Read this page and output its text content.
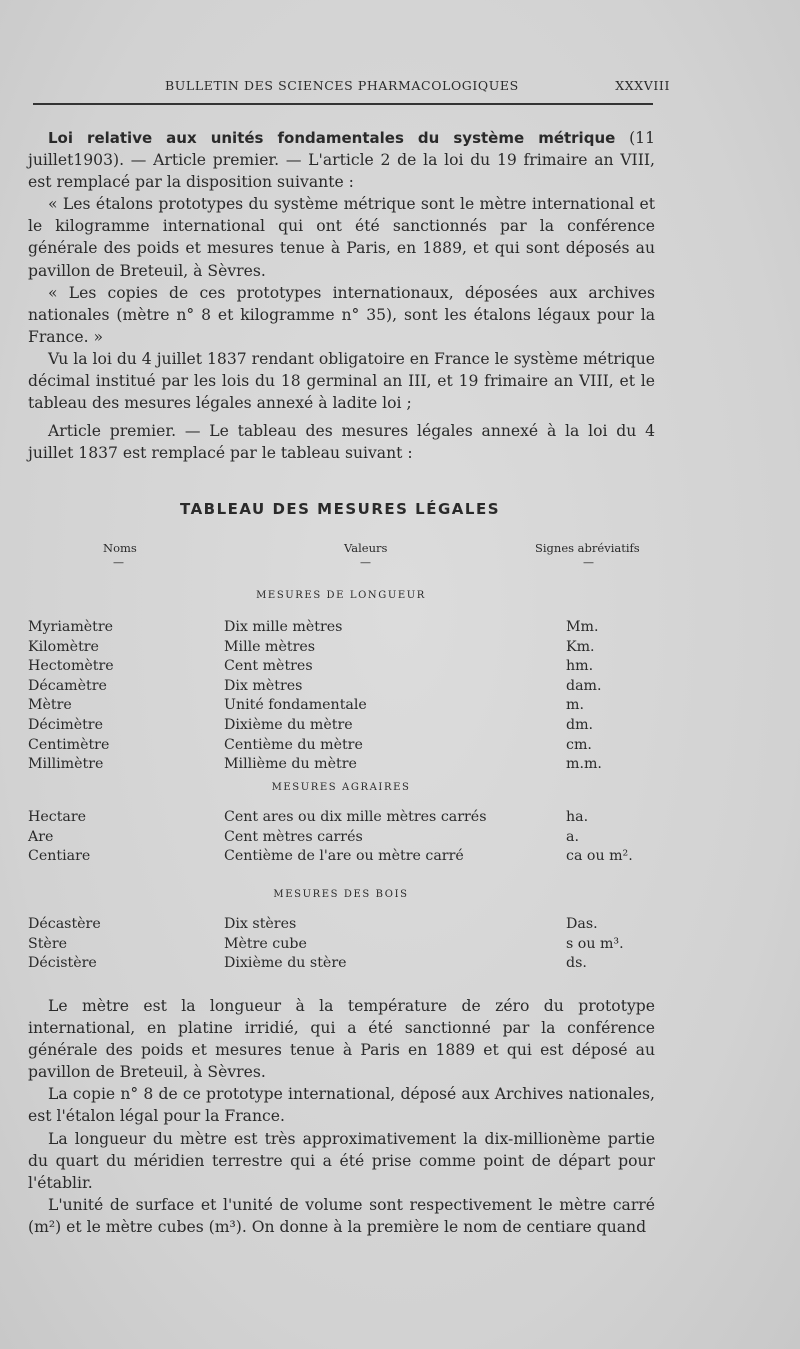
BULLETIN DES SCIENCES PHARMACOLOGIQUES	XXXVIII

Loi relative aux unités fondamentales du système métrique (11 juillet1903). — Article premier. — L'article 2 de la loi du 19 frimaire an VIII, est remplacé par la disposition suivante :

« Les étalons prototypes du système métrique sont le mètre international et le kilogramme international qui ont été sanctionnés par la conférence générale des poids et mesures tenue à Paris, en 1889, et qui sont déposés au pavillon de Breteuil, à Sèvres.

« Les copies de ces prototypes internationaux, déposées aux archives nationales (mètre n° 8 et kilogramme n° 35), sont les étalons légaux pour la France. »

Vu la loi du 4 juillet 1837 rendant obligatoire en France le système métrique décimal institué par les lois du 18 germinal an III, et 19 frimaire an VIII, et le tableau des mesures légales annexé à ladite loi ;

Article premier. — Le tableau des mesures légales annexé à la loi du 4 juillet 1837 est remplacé par le tableau suivant :

TABLEAU DES MESURES LÉGALES
Noms	Valeurs	Signes abréviatifs
—	—	—
MESURES DE LONGUEUR
Myriamètre	Dix mille mètres	Mm.
Kilomètre	Mille mètres	Km.
Hectomètre	Cent mètres	hm.
Décamètre	Dix mètres	dam.
Mètre	Unité fondamentale	m.
Décimètre	Dixième du mètre	dm.
Centimètre	Centième du mètre	cm.
Millimètre	Millième du mètre	m.m.
MESURES AGRAIRES
Hectare	Cent ares ou dix mille mètres carrés	ha.
Are	Cent mètres carrés	a.
Centiare	Centième de l'are ou mètre carré	ca ou m².
MESURES DES BOIS
Décastère	Dix stères	Das.
Stère	Mètre cube	s ou m³.
Décistère	Dixième du stère	ds.

Le mètre est la longueur à la température de zéro du prototype international, en platine irridié, qui a été sanctionné par la conférence générale des poids et mesures tenue à Paris en 1889 et qui est déposé au pavillon de Breteuil, à Sèvres.

La copie n° 8 de ce prototype international, déposé aux Archives nationales, est l'étalon légal pour la France.

La longueur du mètre est très approximativement la dix-millionème partie du quart du méridien terrestre qui a été prise comme point de départ pour l'établir.

L'unité de surface et l'unité de volume sont respectivement le mètre carré (m²) et le mètre cubes (m³). On donne à la première le nom de centiare quand
